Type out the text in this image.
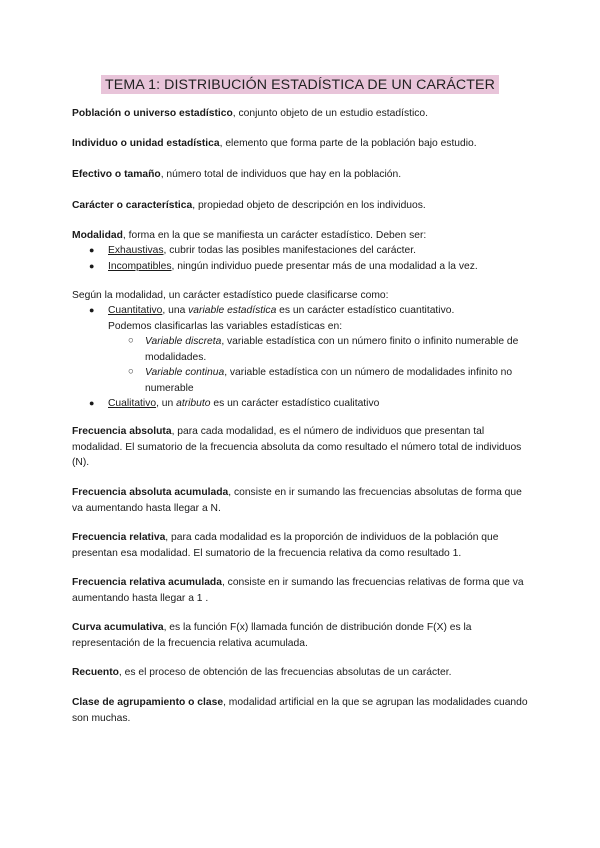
TEMA 1: DISTRIBUCIÓN ESTADÍSTICA DE UN CARÁCTER

Población o universo estadístico, conjunto objeto de un estudio estadístico.

Individuo o unidad estadística, elemento que forma parte de la población bajo estudio.

Efectivo o tamaño, número total de individuos que hay en la población.

Carácter o característica, propiedad objeto de descripción en los individuos.

Modalidad, forma en la que se manifiesta un carácter estadístico. Deben ser:

● Exhaustivas, cubrir todas las posibles manifestaciones del carácter.
● Incompatibles, ningún individuo puede presentar más de una modalidad a la vez.

Según la modalidad, un carácter estadístico puede clasificarse como:

● Cuantitativo, una variable estadística es un carácter estadístico cuantitativo.
Podemos clasificarlas las variables estadísticas en:
○ Variable discreta, variable estadística con un número finito o infinito numerable de modalidades.
○ Variable continua, variable estadística con un número de modalidades infinito no numerable
● Cualitativo, un atributo es un carácter estadístico cualitativo

Frecuencia absoluta, para cada modalidad, es el número de individuos que presentan tal modalidad. El sumatorio de la frecuencia absoluta da como resultado el número total de individuos (N).

Frecuencia absoluta acumulada, consiste en ir sumando las frecuencias absolutas de forma que va aumentando hasta llegar a N.

Frecuencia relativa, para cada modalidad es la proporción de individuos de la población que presentan esa modalidad. El sumatorio de la frecuencia relativa da como resultado 1.

Frecuencia relativa acumulada, consiste en ir sumando las frecuencias relativas de forma que va aumentando hasta llegar a 1 .

Curva acumulativa, es la función F(x) llamada función de distribución donde F(X) es la representación de la frecuencia relativa acumulada.

Recuento, es el proceso de obtención de las frecuencias absolutas de un carácter.

Clase de agrupamiento o clase, modalidad artificial en la que se agrupan las modalidades cuando son muchas.
